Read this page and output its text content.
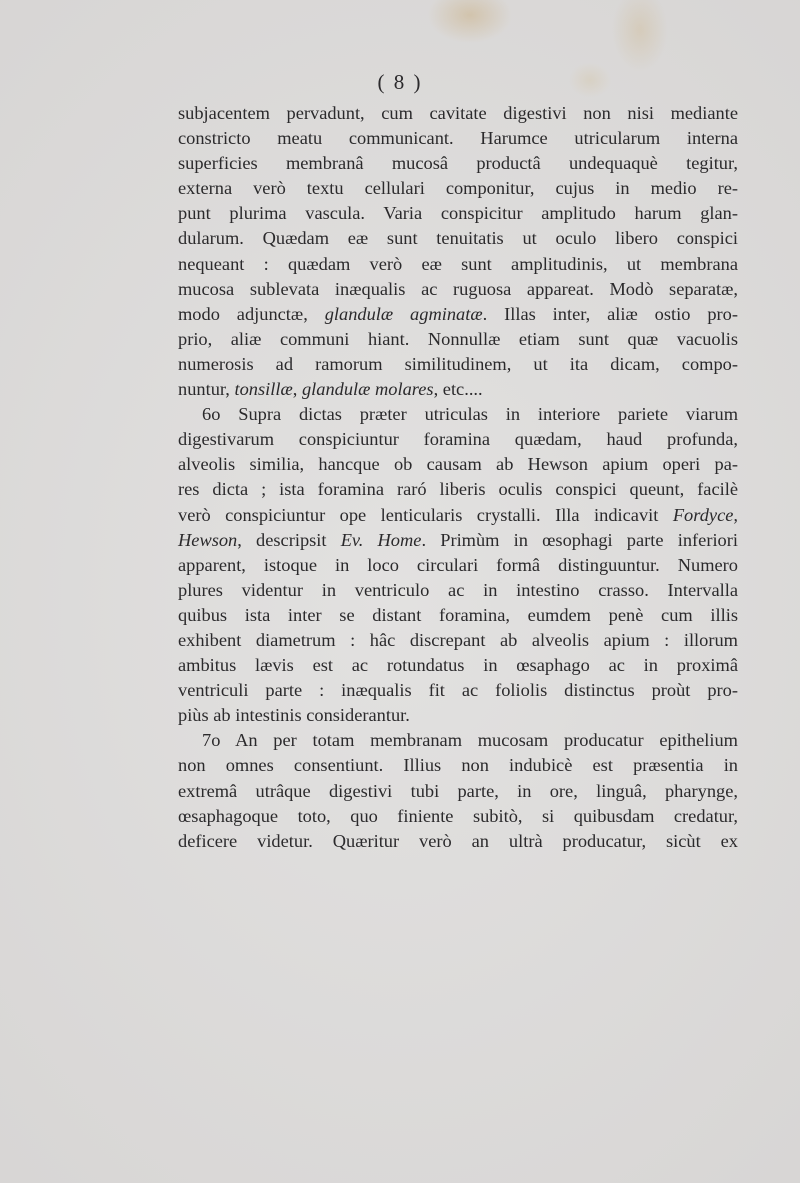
( 8 )
subjacentem pervadunt, cum cavitate digestivi non nisi mediante
constricto meatu communicant. Harumce utricularum interna
superficies membranâ mucosâ productâ undequaquè tegitur,
externa verò textu cellulari componitur, cujus in medio re-
punt plurima vascula. Varia conspicitur amplitudo harum glan-
dularum. Quædam eæ sunt tenuitatis ut oculo libero conspici
nequeant : quædam verò eæ sunt amplitudinis, ut membrana
mucosa sublevata inæqualis ac ruguosa appareat. Modò separatæ,
modo adjunctæ, glandulæ agminatæ. Illas inter, aliæ ostio pro-
prio, aliæ communi hiant. Nonnullæ etiam sunt quæ vacuolis
numerosis ad ramorum similitudinem, ut ita dicam, compo-
nuntur, tonsillæ, glandulæ molares, etc....
6o Supra dictas præter utriculas in interiore pariete viarum
digestivarum conspiciuntur foramina quædam, haud profunda,
alveolis similia, hancque ob causam ab Hewson apium operi pa-
res dicta ; ista foramina raró liberis oculis conspici queunt, facilè
verò conspiciuntur ope lenticularis crystalli. Illa indicavit Fordyce,
Hewson, descripsit Ev. Home. Primùm in œsophagi parte inferiori
apparent, istoque in loco circulari formâ distinguuntur. Numero
plures videntur in ventriculo ac in intestino crasso. Intervalla
quibus ista inter se distant foramina, eumdem penè cum illis
exhibent diametrum : hâc discrepant ab alveolis apium : illorum
ambitus lævis est ac rotundatus in œsaphago ac in proximâ
ventriculi parte : inæqualis fit ac foliolis distinctus proùt pro-
piùs ab intestinis considerantur.
7o An per totam membranam mucosam producatur epithelium
non omnes consentiunt. Illius non indubicè est præsentia in
extremâ utrâque digestivi tubi parte, in ore, linguâ, pharynge,
œsaphagoque toto, quo finiente subitò, si quibusdam credatur,
deficere videtur. Quæritur verò an ultrà producatur, sicùt ex
